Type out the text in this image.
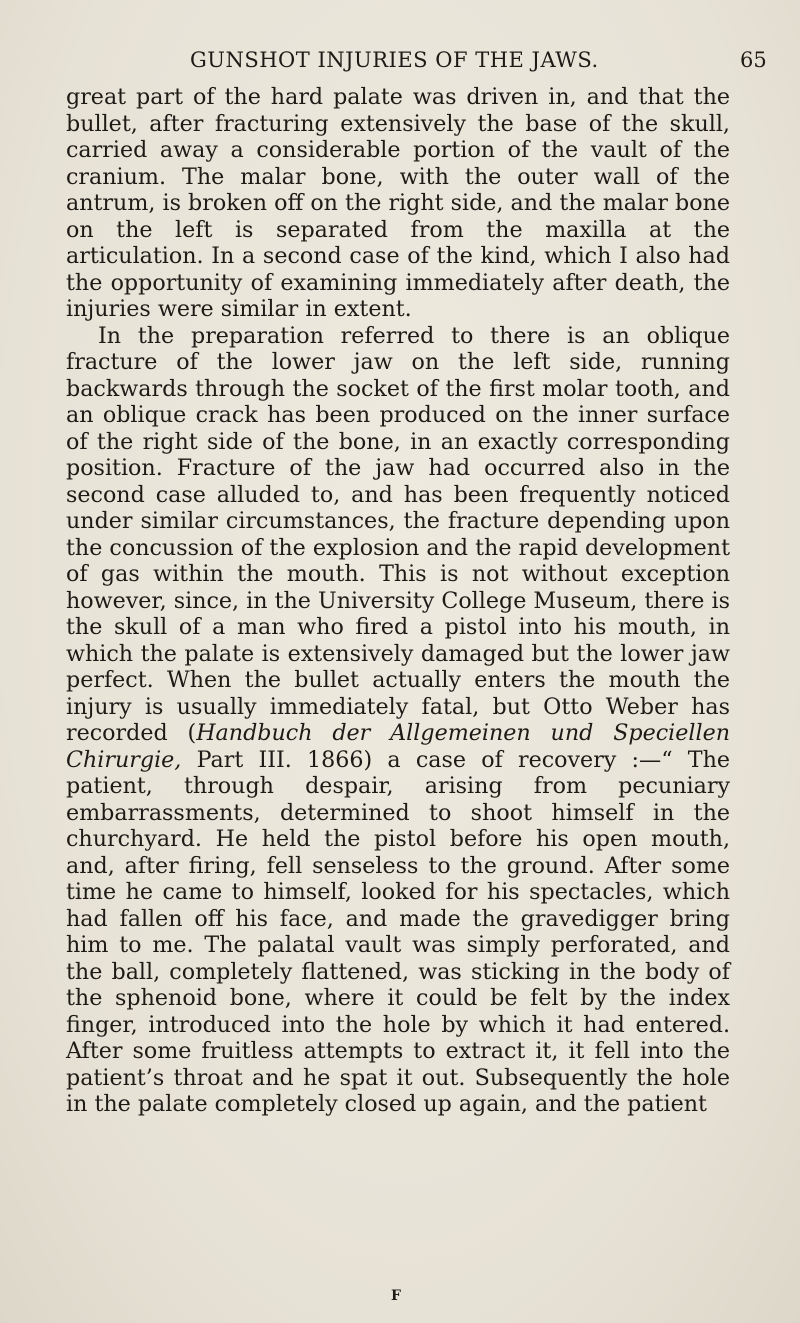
GUNSHOT INJURIES OF THE JAWS.	65

great part of the hard palate was driven in, and that the bullet, after fracturing extensively the base of the skull, carried away a considerable portion of the vault of the cranium. The malar bone, with the outer wall of the antrum, is broken off on the right side, and the malar bone on the left is separated from the maxilla at the articulation. In a second case of the kind, which I also had the opportunity of examining immediately after death, the injuries were similar in extent.

In the preparation referred to there is an oblique fracture of the lower jaw on the left side, running backwards through the socket of the first molar tooth, and an oblique crack has been produced on the inner surface of the right side of the bone, in an exactly corresponding position. Fracture of the jaw had occurred also in the second case alluded to, and has been frequently noticed under similar circumstances, the fracture depending upon the concussion of the explosion and the rapid development of gas within the mouth. This is not without exception however, since, in the University College Museum, there is the skull of a man who fired a pistol into his mouth, in which the palate is extensively damaged but the lower jaw perfect. When the bullet actually enters the mouth the injury is usually immediately fatal, but Otto Weber has recorded (Handbuch der Allgemeinen und Speciellen Chirurgie, Part III. 1866) a case of recovery :—“ The patient, through despair, arising from pecuniary embarrassments, determined to shoot himself in the churchyard. He held the pistol before his open mouth, and, after firing, fell senseless to the ground. After some time he came to himself, looked for his spectacles, which had fallen off his face, and made the gravedigger bring him to me. The palatal vault was simply perforated, and the ball, completely flattened, was sticking in the body of the sphenoid bone, where it could be felt by the index finger, introduced into the hole by which it had entered. After some fruitless attempts to extract it, it fell into the patient’s throat and he spat it out. Subsequently the hole in the palate completely closed up again, and the patient

F
